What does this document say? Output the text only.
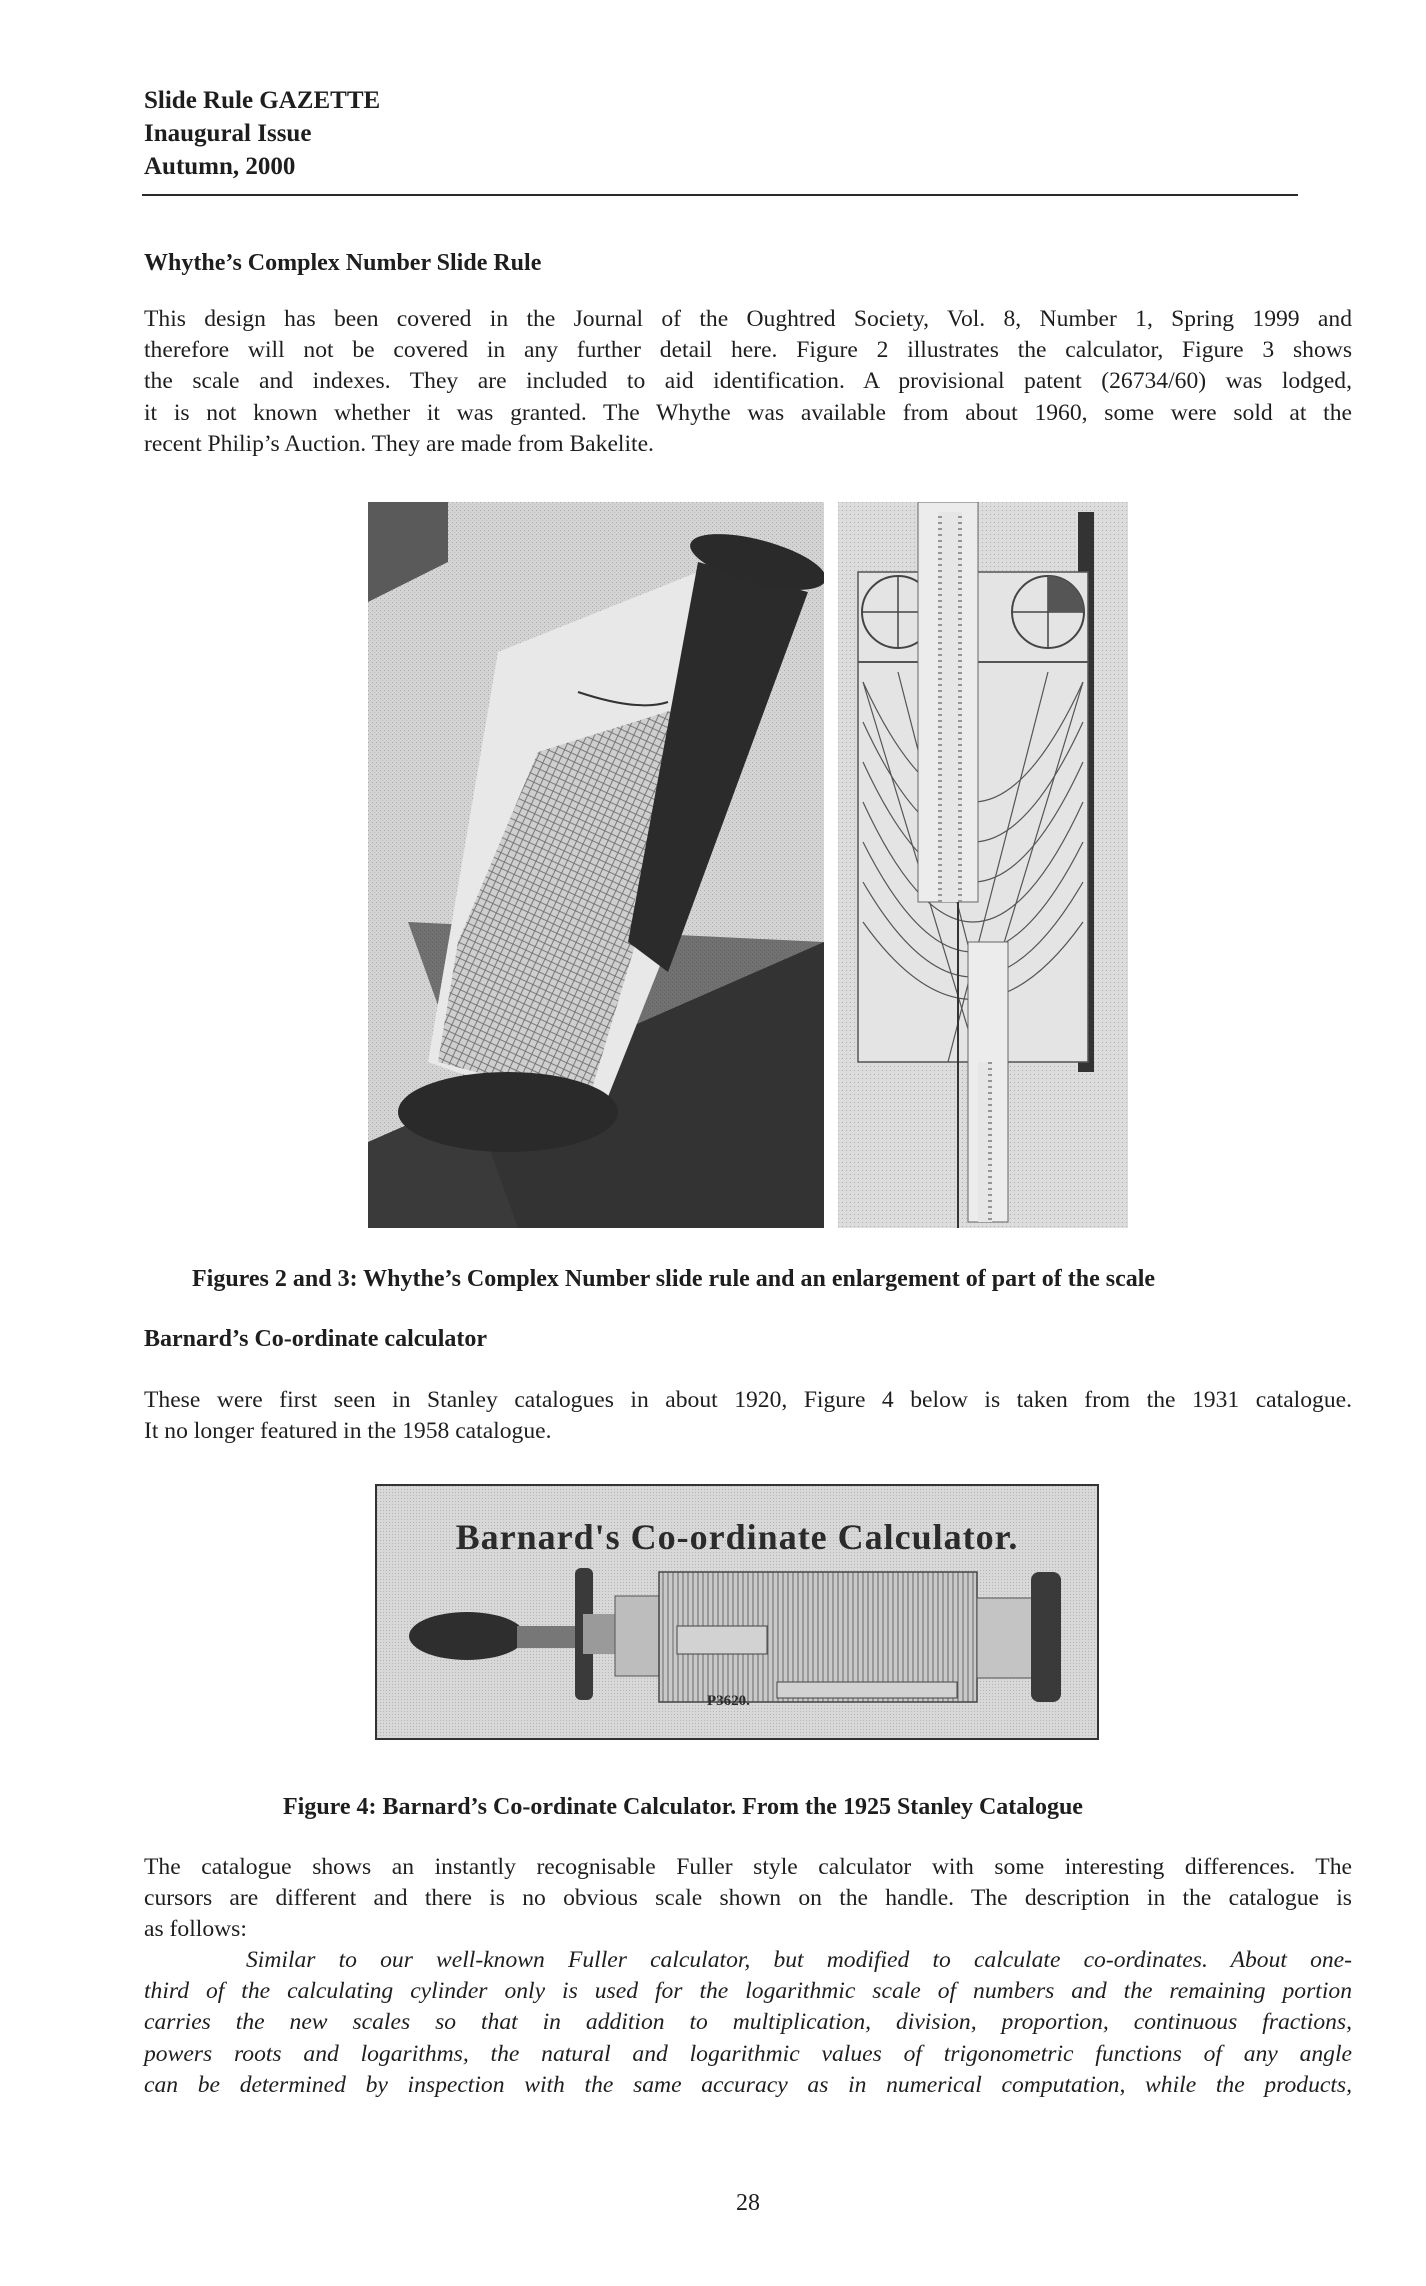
Slide Rule GAZETTE
Inaugural Issue
Autumn, 2000
Whythe’s Complex Number Slide Rule
This design has been covered in the Journal of the Oughtred Society, Vol. 8, Number 1, Spring 1999 and
therefore will not be covered in any further detail here. Figure 2 illustrates the calculator, Figure 3 shows
the scale and indexes. They are included to aid identification. A provisional patent (26734/60) was lodged,
it is not known whether it was granted. The Whythe was available from about 1960, some were sold at the
recent Philip’s Auction. They are made from Bakelite.
Figures 2 and 3: Whythe’s Complex Number slide rule and an enlargement of part of the scale
Barnard’s Co-ordinate calculator
These were first seen in Stanley catalogues in about 1920, Figure 4 below is taken from the 1931 catalogue.
It no longer featured in the 1958 catalogue.
Barnard's Co-ordinate Calculator.
P3620.
Figure 4: Barnard’s Co-ordinate Calculator. From the 1925 Stanley Catalogue
The catalogue shows an instantly recognisable Fuller style calculator with some interesting differences. The
cursors are different and there is no obvious scale shown on the handle. The description in the catalogue is
as follows:
Similar to our well-known Fuller calculator, but modified to calculate co-ordinates. About one-
third of the calculating cylinder only is used for the logarithmic scale of numbers and the remaining portion
carries the new scales so that in addition to multiplication, division, proportion, continuous fractions,
powers roots and logarithms, the natural and logarithmic values of trigonometric functions of any angle
can be determined by inspection with the same accuracy as in numerical computation, while the products,
28
